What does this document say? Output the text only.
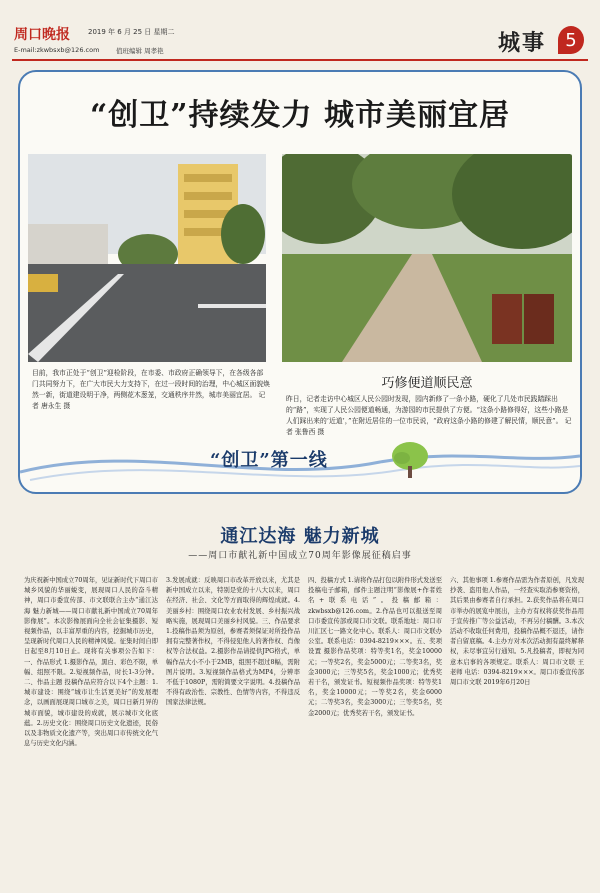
周口晚报	2019 年 6 月 25 日 星期二
E-mail:zkwbsxb@126.com	值班编辑 周孝艳	城事 5
“创卫”持续发力 城市美丽宜居
目前，我市正处于“创卫”迎检阶段，在市委、市政府正确领导下，在各级各部门共同努力下，在广大市民大力支持下，在过一段时间的治理，中心城区面貌焕然一新，街道建设明于净，两侧花木葱茏，交通秩序井然，城市美丽宜居。 记者 唐永生 摄
巧修便道顺民意
昨日，记者走访中心城区人民公园时发现，园内新修了一条小路，硬化了几处市民践踏踩出的“路”，实现了人民公园便道畅通，为游园的市民提供了方便。“这条小路修得好，这些小路是人们踩出来的‘近道’，”在附近居住的一位市民说，“政府这条小路的修建了解民情，顺民意”。 记者 张鲁西 摄
“创卫”第一线
通江达海 魅力新城
——周口市献礼新中国成立70周年影像展征稿启事
为庆祝新中国成立70周年，见证新时代下周口市城乡风貌的华丽蜕变，展现周口人民的奋斗精神，周口市委宣传部、市文联联合主办“通江达海 魅力新城——周口市献礼新中国成立70周年影像展”。本次影像展面向全社会征集摄影、短视频作品，以丰富厚重的内容，挖掘城市历史，呈现新时代周口人民的精神风貌。征集时间自即日起至8月10日止。现将有关事项公告如下：一、作品形式 1.摄影作品，黑白、彩色不限，单幅、组照不限。2.短视频作品，时长1-3分钟。二、作品主题 投稿作品应符合以下4个主题：1.城市建设：围绕“城市让生活更美好”的发展理念，以画面展现周口城市之美，周口日新月异的城市面貌，城市建设的成就，展示城市文化底蕴。2.历史文化：围绕周口历史文化遗迹，民俗以及非物质文化遗产等，突出周口市传统文化气息与历史文化内涵。
3.发展成就：反映周口市改革开放以来，尤其是新中国成立以来，特别是党的十八大以来，周口在经济、社会、文化等方面取得的辉煌成就。4.美丽乡村：围绕周口农业农村发展、乡村振兴战略实施，展现周口美丽乡村风貌。三、作品要求 1.投稿作品须为原创，参赛者须保证对所投作品拥有完整著作权，不得侵犯他人的著作权、肖像权等合法权益。2.摄影作品请提供JPG格式，单幅作品大小不小于2MB，组照不超过8幅，需附图片说明。3.短视频作品格式为MP4，分辨率不低于1080P，需附简要文字说明。4.投稿作品不得有政治性、宗教性、色情等内容，不得违反国家法律法规。
四、投稿方式 1.请将作品打包以附件形式发送至投稿电子邮箱，邮件主题注明“影像展+作者姓名+联系电话”。投稿邮箱：zkwbsxb@126.com。2.作品也可以报送至周口市委宣传部或周口市文联。联系地址：周口市川汇区七一路文化中心。联系人：周口市文联办公室。联系电话：0394-8219×××。五、奖项设置 摄影作品奖项：特等奖1名，奖金10000元；一等奖2名，奖金5000元；二等奖3名，奖金3000元；三等奖5名，奖金1000元；优秀奖若干名，颁发证书。短视频作品奖项：特等奖1名，奖金10000元；一等奖2名，奖金6000元；二等奖3名，奖金3000元；三等奖5名，奖金2000元；优秀奖若干名，颁发证书。
六、其他事项 1.参赛作品需为作者原创，凡发现抄袭、盗用他人作品，一经查实取消参赛资格，其后果由参赛者自行承担。2.获奖作品将在周口市举办的展览中展出，主办方有权将获奖作品用于宣传推广等公益活动，不再另付稿酬。3.本次活动不收取任何费用，投稿作品概不退还，请作者自留底稿。4.主办方对本次活动拥有最终解释权，未尽事宜另行通知。5.凡投稿者，即视为同意本启事的各项规定。联系人：周口市文联 王老师 电话：0394-8219×××。周口市委宣传部 周口市文联 2019年6月20日
